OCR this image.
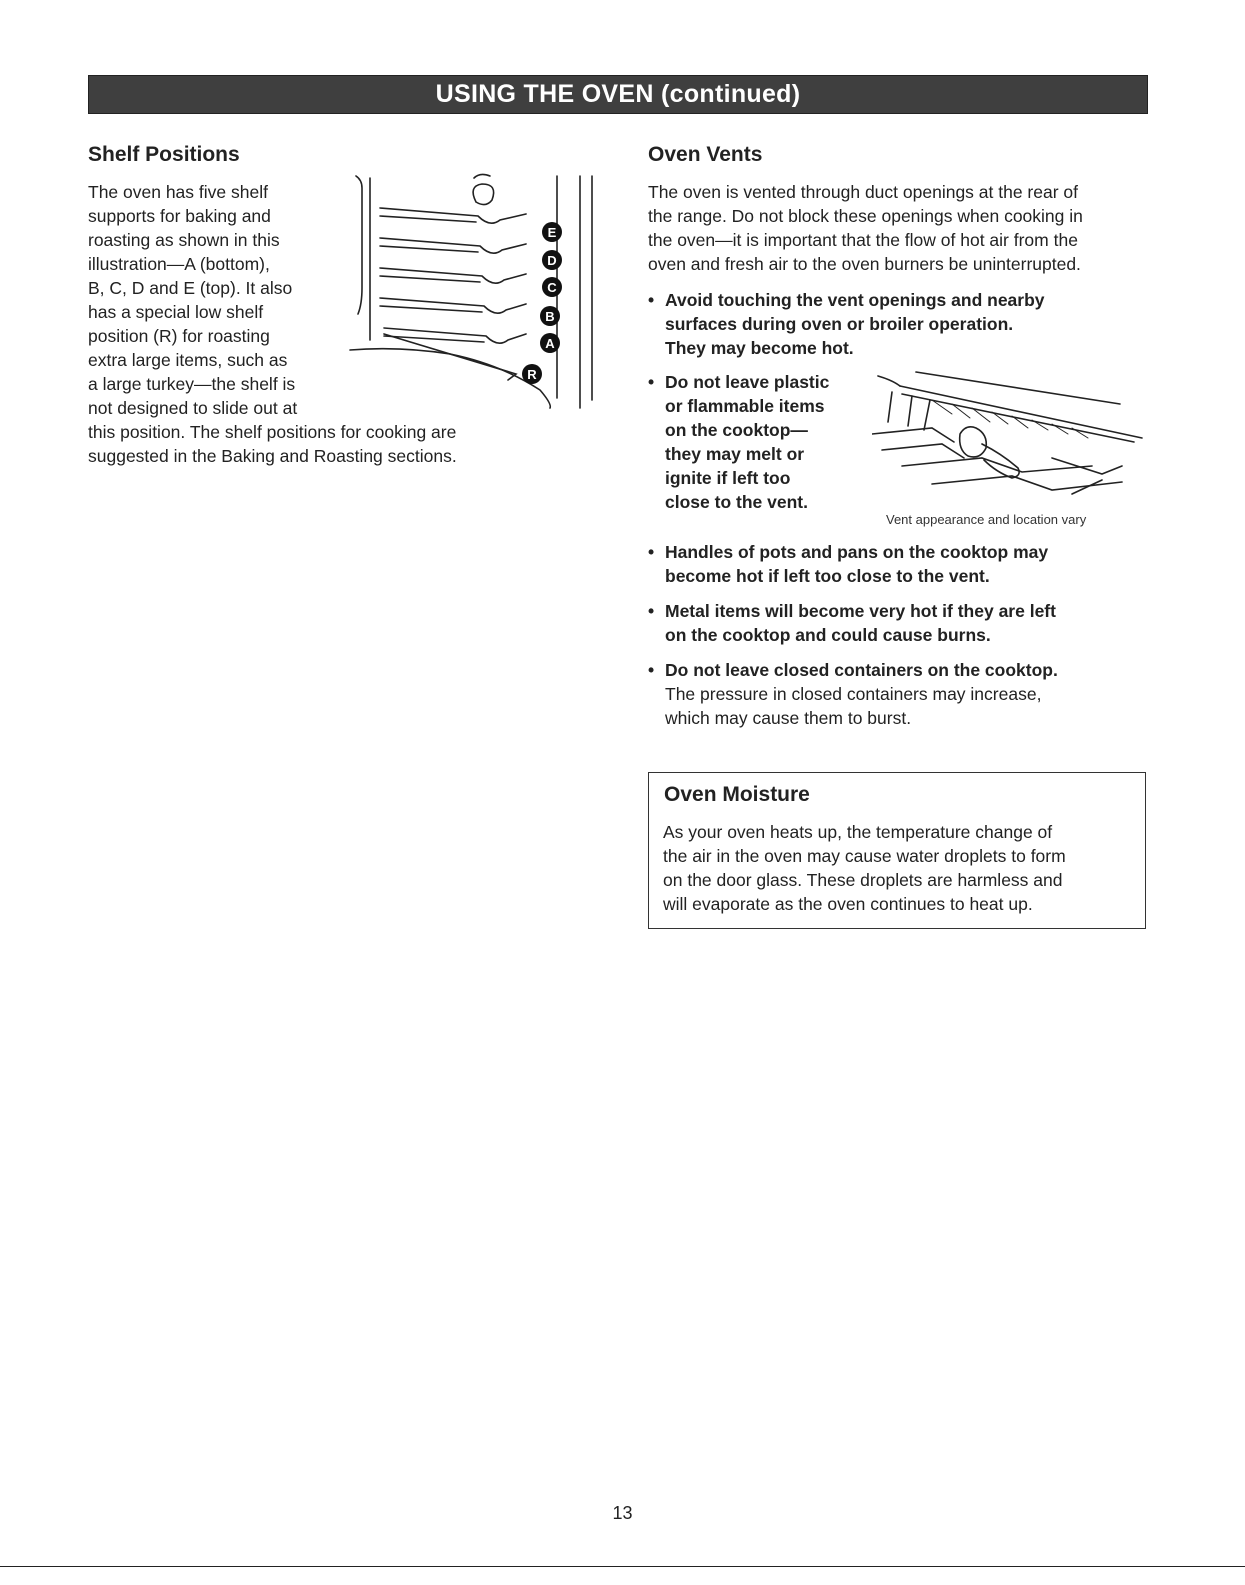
USING THE OVEN (continued)
Shelf Positions

The oven has five shelf
supports for baking and
roasting as shown in this
illustration—A (bottom),
B, C, D and E (top). It also
has a special low shelf
position (R) for roasting
extra large items, such as
a large turkey—the shelf is
not designed to slide out at

this position. The shelf positions for cooking are
suggested in the Baking and Roasting sections.

E
D
C
B
A
R
Oven Vents

The oven is vented through duct openings at the rear of
the range. Do not block these openings when cooking in
the oven—it is important that the flow of hot air from the
oven and fresh air to the oven burners be uninterrupted.

• Avoid touching the vent openings and nearby
surfaces during oven or broiler operation.
They may become hot.
• Do not leave plastic
or flammable items
on the cooktop—
they may melt or
ignite if left too
close to the vent.
Vent appearance and location vary
• Handles of pots and pans on the cooktop may
become hot if left too close to the vent.
• Metal items will become very hot if they are left
on the cooktop and could cause burns.
• Do not leave closed containers on the cooktop.
The pressure in closed containers may increase,
which may cause them to burst.
Oven Moisture

As your oven heats up, the temperature change of
the air in the oven may cause water droplets to form
on the door glass. These droplets are harmless and
will evaporate as the oven continues to heat up.

13
